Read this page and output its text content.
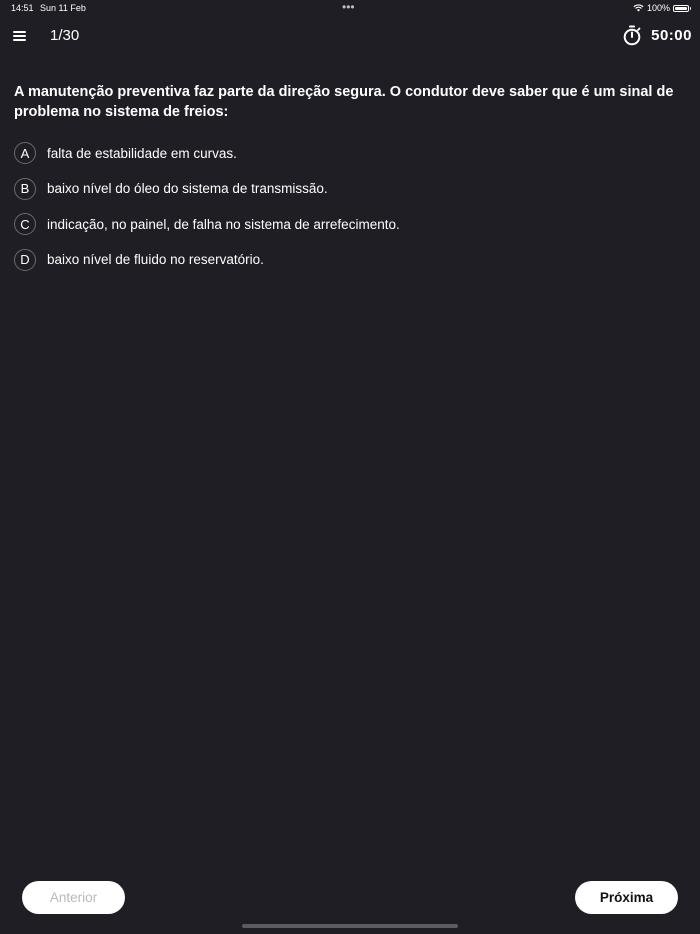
14:51 Sun 11 Feb	•••	100%
1/30	50:00
A manutenção preventiva faz parte da direção segura. O condutor deve saber que é um sinal de problema no sistema de freios:
A	falta de estabilidade em curvas.
B	baixo nível do óleo do sistema de transmissão.
C	indicação, no painel, de falha no sistema de arrefecimento.
D	baixo nível de fluido no reservatório.
Anterior	Próxima
